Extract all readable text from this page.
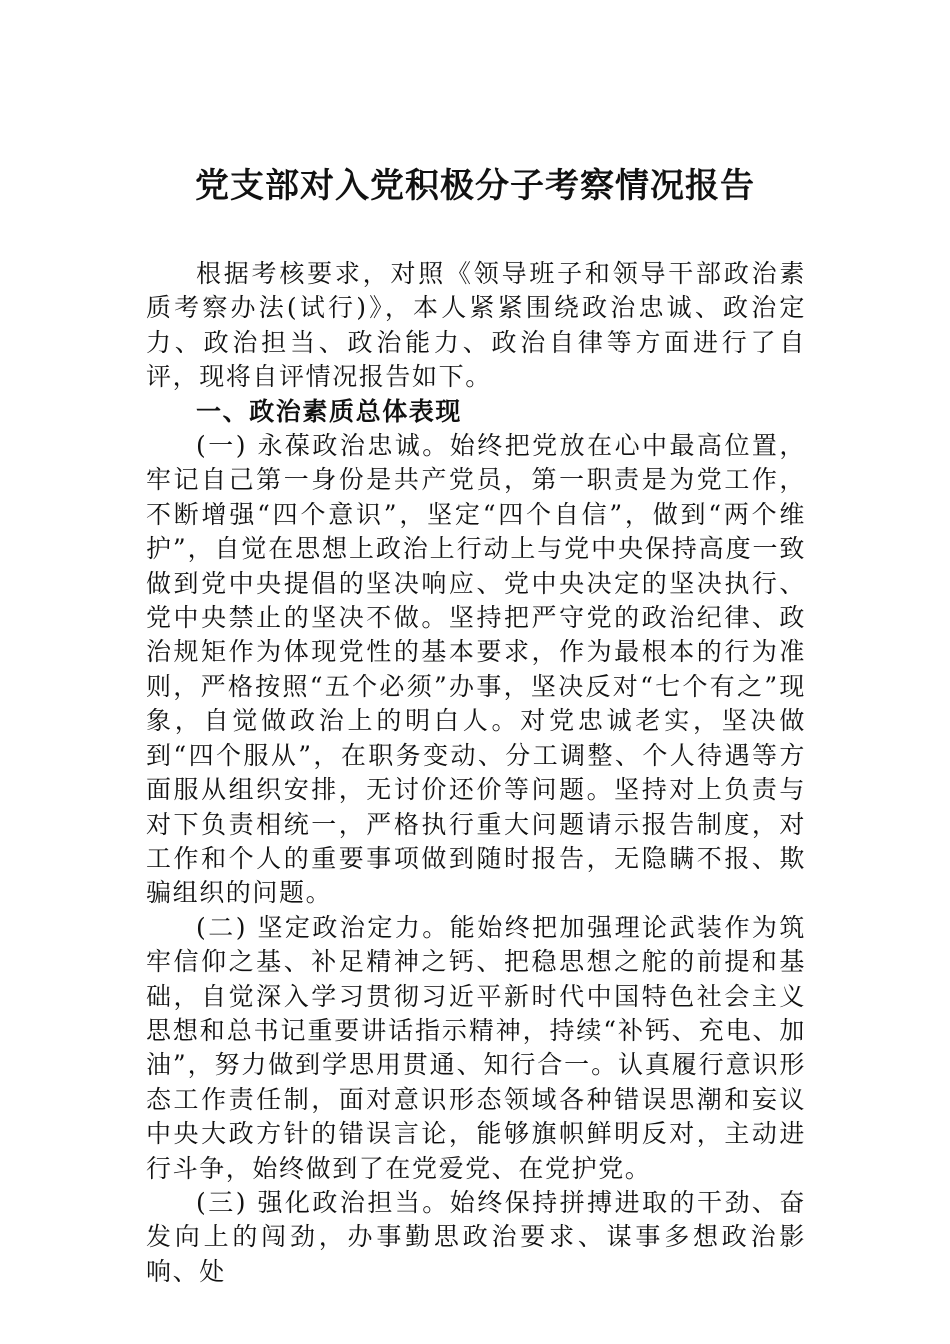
党支部对入党积极分子考察情况报告

根据考核要求，对照《领导班子和领导干部政治素质考察办法(试行)》，本人紧紧围绕政治忠诚、政治定力、政治担当、政治能力、政治自律等方面进行了自评，现将自评情况报告如下。

一、政治素质总体表现

(一) 永葆政治忠诚。始终把党放在心中最高位置，牢记自己第一身份是共产党员，第一职责是为党工作，不断增强“四个意识”，坚定“四个自信”，做到“两个维护”，自觉在思想上政治上行动上与党中央保持高度一致做到党中央提倡的坚决响应、党中央决定的坚决执行、党中央禁止的坚决不做。坚持把严守党的政治纪律、政治规矩作为体现党性的基本要求，作为最根本的行为准则，严格按照“五个必须”办事，坚决反对“七个有之”现象，自觉做政治上的明白人。对党忠诚老实，坚决做到“四个服从”，在职务变动、分工调整、个人待遇等方面服从组织安排，无讨价还价等问题。坚持对上负责与对下负责相统一，严格执行重大问题请示报告制度，对工作和个人的重要事项做到随时报告，无隐瞒不报、欺骗组织的问题。

(二) 坚定政治定力。能始终把加强理论武装作为筑牢信仰之基、补足精神之钙、把稳思想之舵的前提和基础，自觉深入学习贯彻习近平新时代中国特色社会主义思想和总书记重要讲话指示精神，持续“补钙、充电、加油”，努力做到学思用贯通、知行合一。认真履行意识形态工作责任制，面对意识形态领域各种错误思潮和妄议中央大政方针的错误言论，能够旗帜鲜明反对，主动进行斗争，始终做到了在党爱党、在党护党。

(三) 强化政治担当。始终保持拼搏进取的干劲、奋发向上的闯劲，办事勤思政治要求、谋事多想政治影响、处
